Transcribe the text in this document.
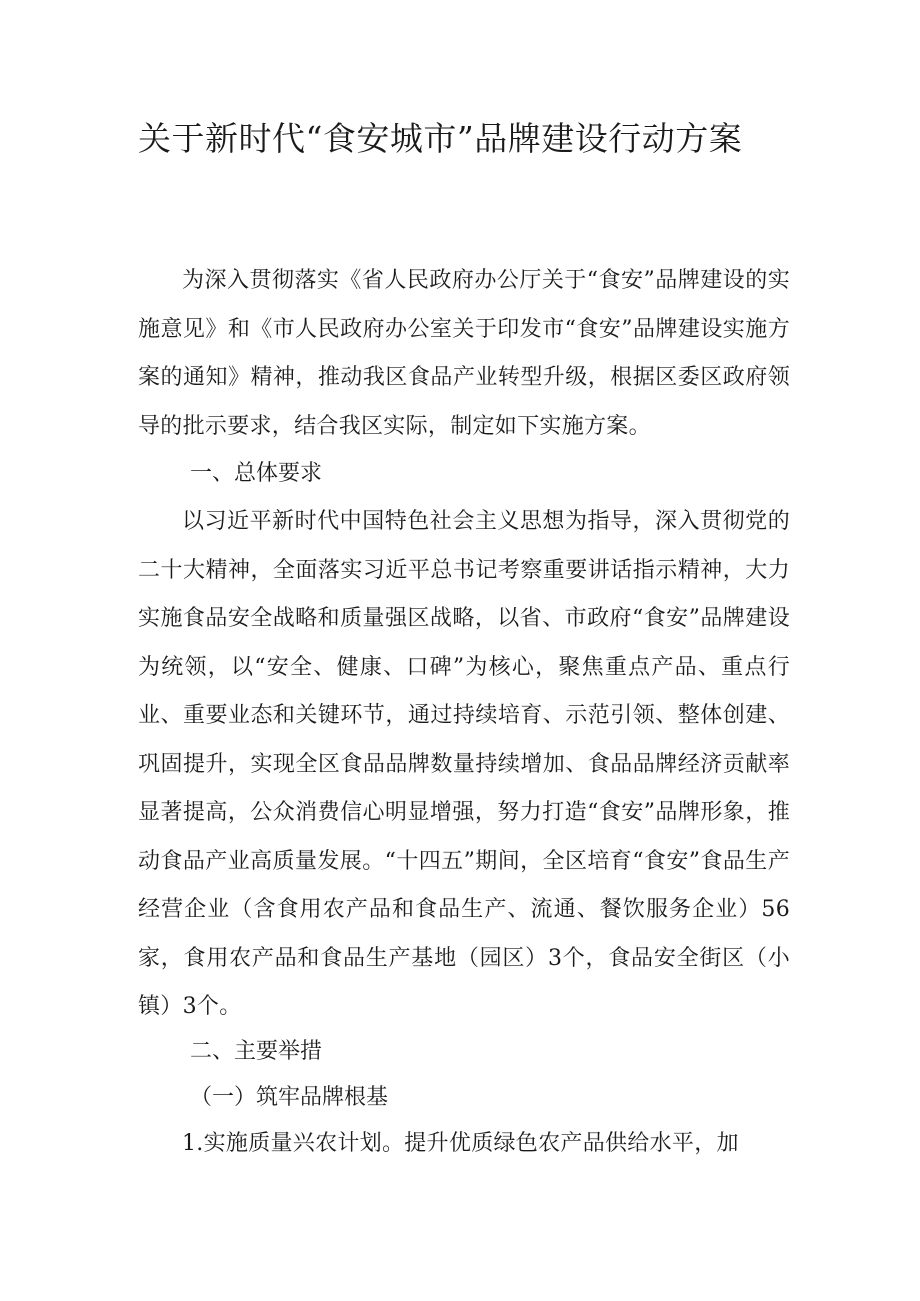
关于新时代“食安城市”品牌建设行动方案

为深入贯彻落实《省人民政府办公厅关于“食安”品牌建设的实施意见》和《市人民政府办公室关于印发市“食安”品牌建设实施方案的通知》精神，推动我区食品产业转型升级，根据区委区政府领导的批示要求，结合我区实际，制定如下实施方案。

一、总体要求

以习近平新时代中国特色社会主义思想为指导，深入贯彻党的二十大精神，全面落实习近平总书记考察重要讲话指示精神，大力实施食品安全战略和质量强区战略，以省、市政府“食安”品牌建设为统领，以“安全、健康、口碑”为核心，聚焦重点产品、重点行业、重要业态和关键环节，通过持续培育、示范引领、整体创建、巩固提升，实现全区食品品牌数量持续增加、食品品牌经济贡献率显著提高，公众消费信心明显增强，努力打造“食安”品牌形象，推动食品产业高质量发展。“十四五”期间，全区培育“食安”食品生产经营企业（含食用农产品和食品生产、流通、餐饮服务企业）56家，食用农产品和食品生产基地（园区）3个，食品安全街区（小镇）3个。

二、主要举措

（一）筑牢品牌根基

1.实施质量兴农计划。提升优质绿色农产品供给水平，加
